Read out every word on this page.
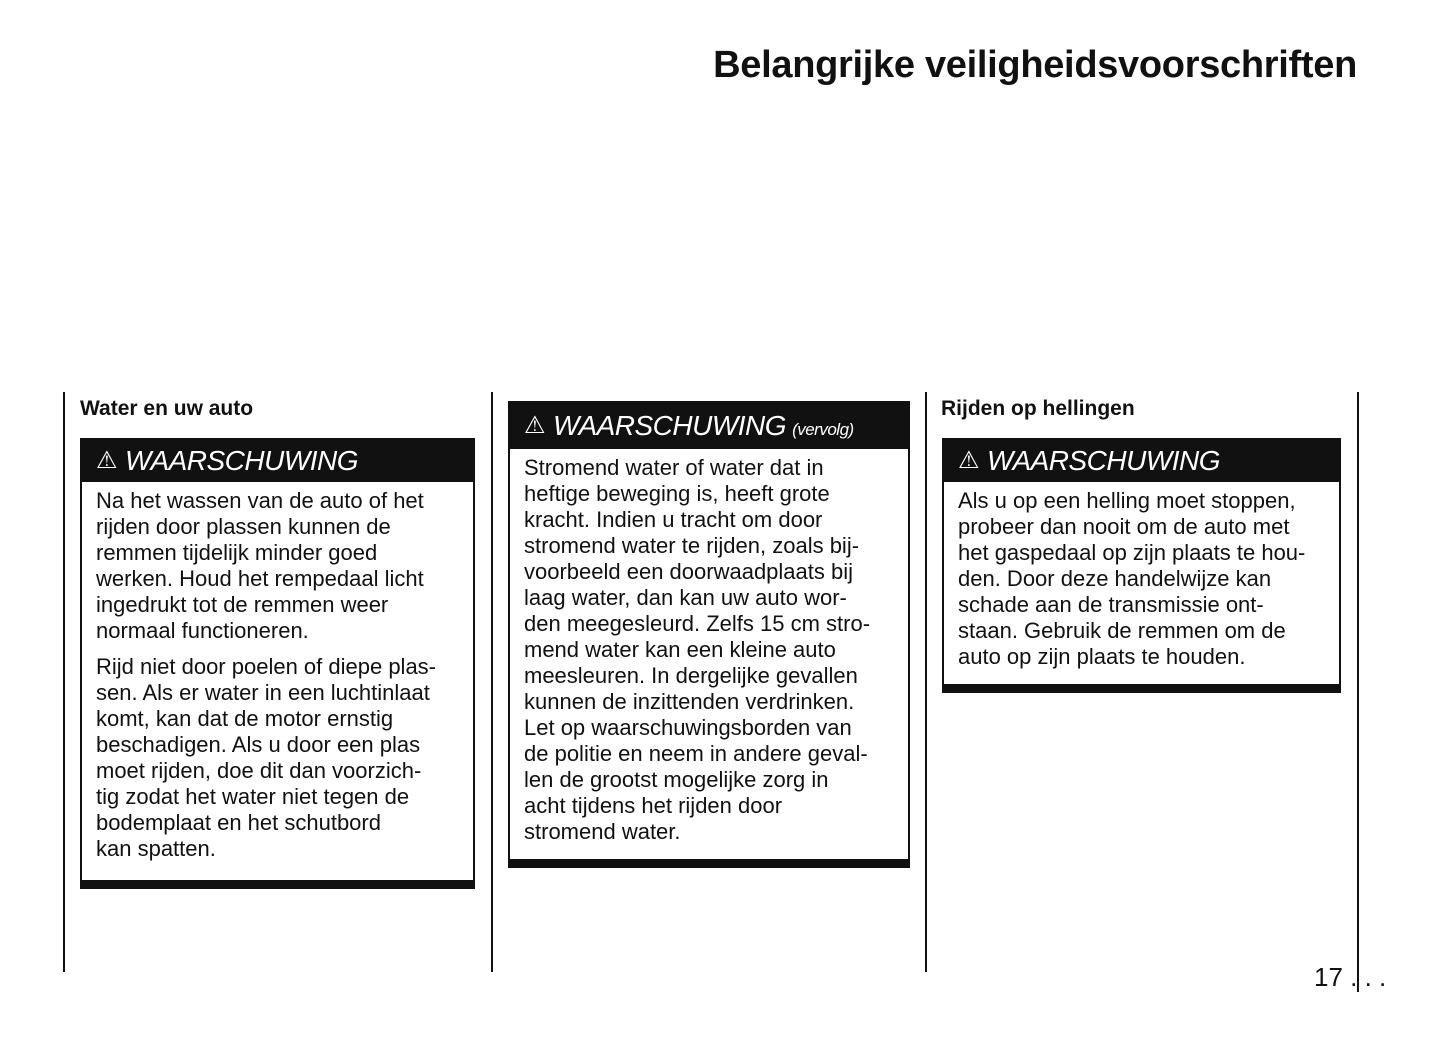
Belangrijke veiligheidsvoorschriften
Water en uw auto
⚠ WAARSCHUWING

Na het wassen van de auto of het
rijden door plassen kunnen de
remmen tijdelijk minder goed
werken. Houd het rempedaal licht
ingedrukt tot de remmen weer
normaal functioneren.

Rijd niet door poelen of diepe plas-
sen. Als er water in een luchtinlaat
komt, kan dat de motor ernstig
beschadigen. Als u door een plas
moet rijden, doe dit dan voorzich-
tig zodat het water niet tegen de
bodemplaat en het schutbord
kan spatten.

⚠ WAARSCHUWING (vervolg)

Stromend water of water dat in
heftige beweging is, heeft grote
kracht. Indien u tracht om door
stromend water te rijden, zoals bij-
voorbeeld een doorwaadplaats bij
laag water, dan kan uw auto wor-
den meegesleurd. Zelfs 15 cm stro-
mend water kan een kleine auto
meesleuren. In dergelijke gevallen
kunnen de inzittenden verdrinken.
Let op waarschuwingsborden van
de politie en neem in andere geval-
len de grootst mogelijke zorg in
acht tijdens het rijden door
stromend water.

Rijden op hellingen
⚠ WAARSCHUWING

Als u op een helling moet stoppen,
probeer dan nooit om de auto met
het gaspedaal op zijn plaats te hou-
den. Door deze handelwijze kan
schade aan de transmissie ont-
staan. Gebruik de remmen om de
auto op zijn plaats te houden.

17 . . .
